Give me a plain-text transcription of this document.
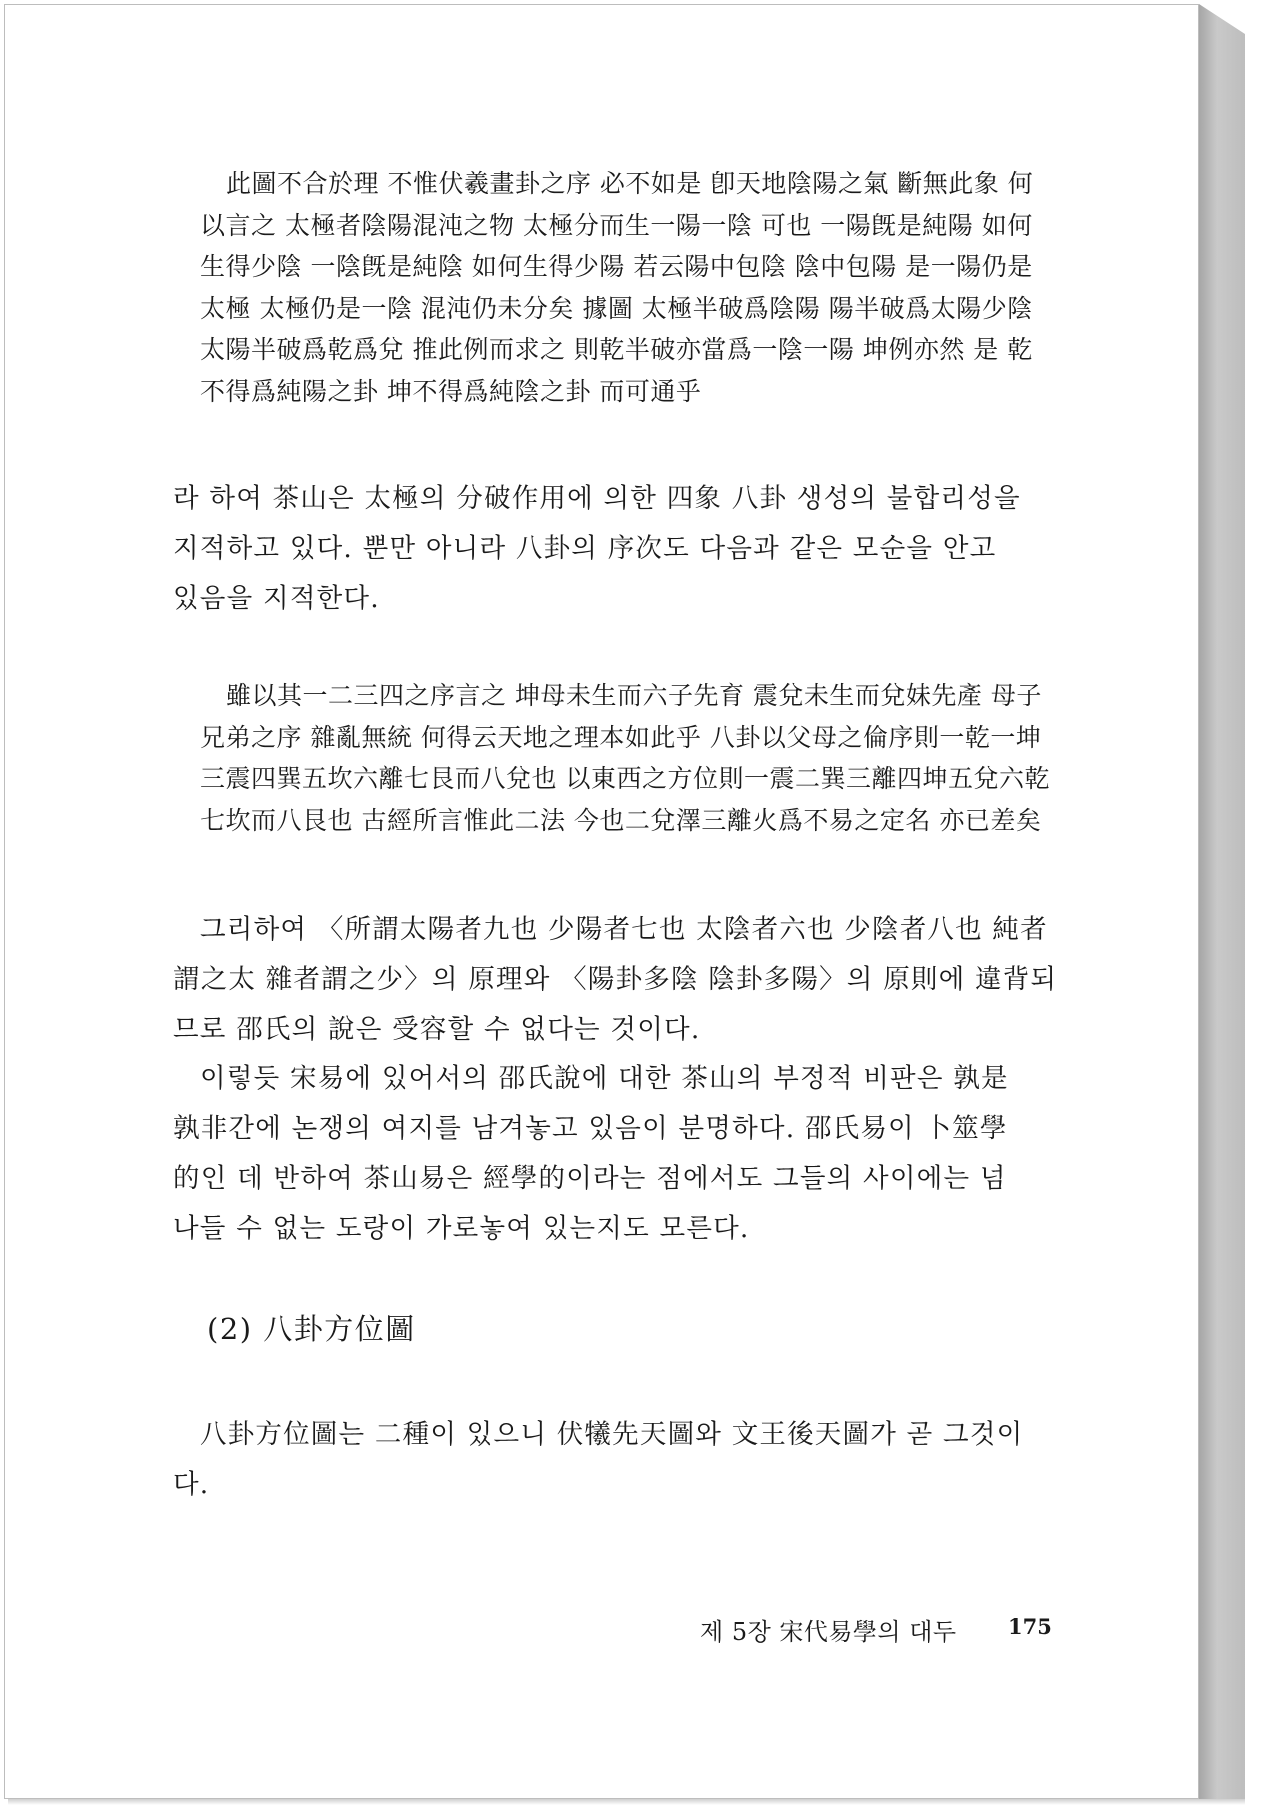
此圖不合於理 不惟伏羲畫卦之序 必不如是 卽天地陰陽之氣 斷無此象 何

以言之 太極者陰陽混沌之物 太極分而生一陽一陰 可也 一陽旣是純陽 如何

生得少陰 一陰旣是純陰 如何生得少陽 若云陽中包陰 陰中包陽 是一陽仍是

太極 太極仍是一陰 混沌仍未分矣 據圖 太極半破爲陰陽 陽半破爲太陽少陰

太陽半破爲乾爲兌 推此例而求之 則乾半破亦當爲一陰一陽 坤例亦然 是 乾

不得爲純陽之卦 坤不得爲純陰之卦 而可通乎

라 하여 茶山은 太極의 分破作用에 의한 四象 八卦 생성의 불합리성을

지적하고 있다. 뿐만 아니라 八卦의 序次도 다음과 같은 모순을 안고

있음을 지적한다.

雖以其一二三四之序言之 坤母未生而六子先育 震兌未生而兌妹先產 母子

兄弟之序 雜亂無統 何得云天地之理本如此乎 八卦以父母之倫序則一乾一坤

三震四巽五坎六離七艮而八兌也 以東西之方位則一震二巽三離四坤五兌六乾

七坎而八艮也 古經所言惟此二法 今也二兌澤三離火爲不易之定名 亦已差矣

그리하여 〈所謂太陽者九也 少陽者七也 太陰者六也 少陰者八也 純者

謂之太 雜者謂之少〉의 原理와 〈陽卦多陰 陰卦多陽〉의 原則에 違背되

므로 邵氏의 說은 受容할 수 없다는 것이다.

이렇듯 宋易에 있어서의 邵氏說에 대한 茶山의 부정적 비판은 孰是

孰非간에 논쟁의 여지를 남겨놓고 있음이 분명하다. 邵氏易이 卜筮學

的인 데 반하여 茶山易은 經學的이라는 점에서도 그들의 사이에는 넘

나들 수 없는 도랑이 가로놓여 있는지도 모른다.

(2) 八卦方位圖

八卦方位圖는 二種이 있으니 伏犧先天圖와 文王後天圖가 곧 그것이

다.

제 5장 宋代易學의 대두 175
